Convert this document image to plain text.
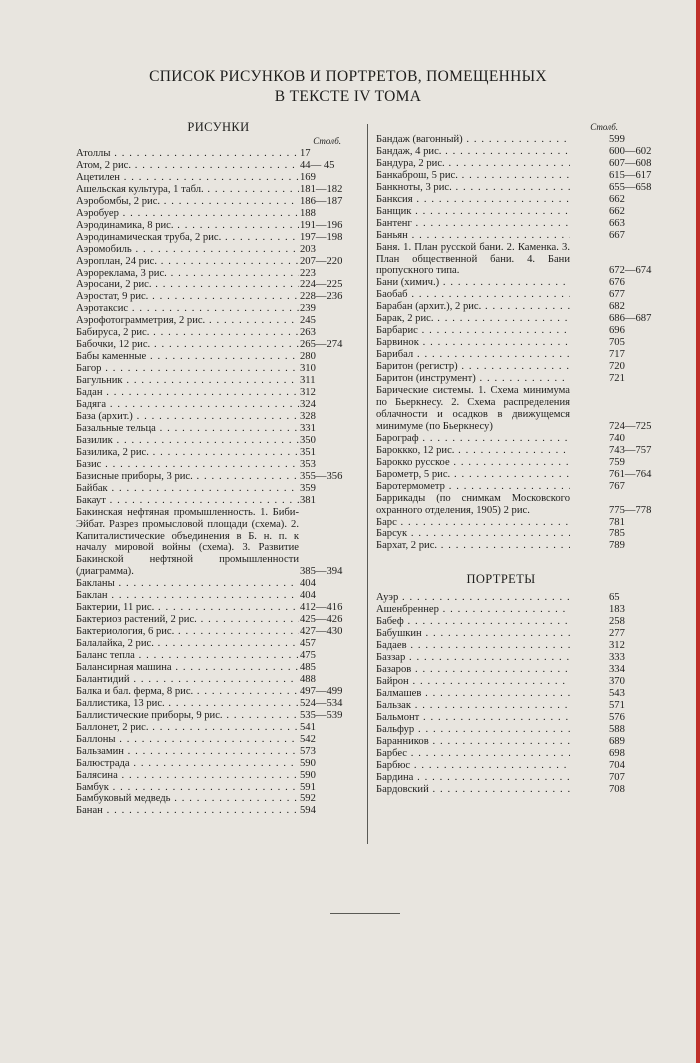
СПИСОК РИСУНКОВ И ПОРТРЕТОВ, ПОМЕЩЕННЫХ
В ТЕКСТЕ IV ТОМА
РИСУНКИ
Столб.
Атоллы . . .	17
Атом, 2 рис. . . .	44— 45
Ацетилен . . .	169
Ашельская культура, 1 табл. . . .	181—182
Аэробомбы, 2 рис. . . .	186—187
Аэробуер . . .	188
Аэродинамика, 8 рис. . . .	191—196
Аэродинамическая труба, 2 рис. . . .	197—198
Аэромобиль . . .	203
Аэроплан, 24 рис. . . .	207—220
Аэрореклама, 3 рис. . . .	223
Аэросани, 2 рис. . . .	224—225
Аэростат, 9 рис. . . .	228—236
Аэротаксис . . .	239
Аэрофотограмметрия, 2 рис. . . .	245
Бабируса, 2 рис. . . .	263
Бабочки, 12 рис. . . .	265—274
Бабы каменные . . .	280
Багор . . .	310
Багульник . . .	311
Бадан . . .	312
Бадяга . . .	324
База (архит.) . . .	328
Базальные тельца . . .	331
Базилик . . .	350
Базилика, 2 рис. . . .	351
Базис . . .	353
Базисные приборы, 3 рис. . . .	355—356
Байбак . . .	359
Бакаут . . .	381
Бакинская нефтяная промышленность. 1. Биби-Эйбат. Разрез промысловой площади (схема). 2. Капиталистические объединения в Б. н. п. к началу мировой войны (схема). 3. Развитие Бакинской нефтяной промышленности (диаграмма).	385—394
Бакланы . . .	404
Баклан . . .	404
Бактерии, 11 рис. . . .	412—416
Бактериоз растений, 2 рис. . . .	425—426
Бактериология, 6 рис. . . .	427—430
Балалайка, 2 рис. . . .	457
Баланс тепла . . .	475
Балансирная машина . . .	485
Балантидий . . .	488
Балка и бал. ферма, 8 рис. . . .	497—499
Баллистика, 13 рис. . . .	524—534
Баллистические приборы, 9 рис. . . .	535—539
Баллонет, 2 рис. . . .	541
Баллоны . . .	542
Бальзамин . . .	573
Балюстрада . . .	590
Балясина . . .	590
Бамбук . . .	591
Бамбуковый медведь . . .	592
Банан . . .	594
Столб.
Бандаж (вагонный) . . .	599
Бандаж, 4 рис. . . .	600—602
Бандура, 2 рис. . . .	607—608
Банкаброш, 5 рис. . . .	615—617
Банкноты, 3 рис. . . .	655—658
Банксия . . .	662
Банщик . . .	662
Бантенг . . .	663
Баньян . . .	667
Баня. 1. План русской бани. 2. Каменка. 3. План общественной бани. 4. Бани пропускного типа.	672—674
Бани (химич.) . . .	676
Баобаб . . .	677
Барабан (архит.), 2 рис. . . .	682
Барак, 2 рис. . . .	686—687
Барбарис . . .	696
Барвинок . . .	705
Барибал . . .	717
Баритон (регистр) . . .	720
Баритон (инструмент) . . .	721
Барические системы. 1. Схема минимума по Бьеркнесу. 2. Схема распределения облачности и осадков в движущемся минимуме (по Бьеркнесу)	724—725
Барограф . . .	740
Бароккко, 12 рис. . . .	743—757
Барокко русское . . .	759
Барометр, 5 рис. . . .	761—764
Баротермометр . . .	767
Баррикады (по снимкам Московского охранного отделения, 1905) 2 рис.	775—778
Барс . . .	781
Барсук . . .	785
Бархат, 2 рис. . . .	789
ПОРТРЕТЫ
Ауэр . . .	65
Ашенбреннер . . .	183
Бабеф . . .	258
Бабушкин . . .	277
Бадаев . . .	312
Баззар . . .	333
Базаров . . .	334
Байрон . . .	370
Балмашев . . .	543
Бальзак . . .	571
Бальмонт . . .	576
Бальфур . . .	588
Баранников . . .	689
Барбес . . .	698
Барбюс . . .	704
Бардина . . .	707
Бардовский . . .	708
